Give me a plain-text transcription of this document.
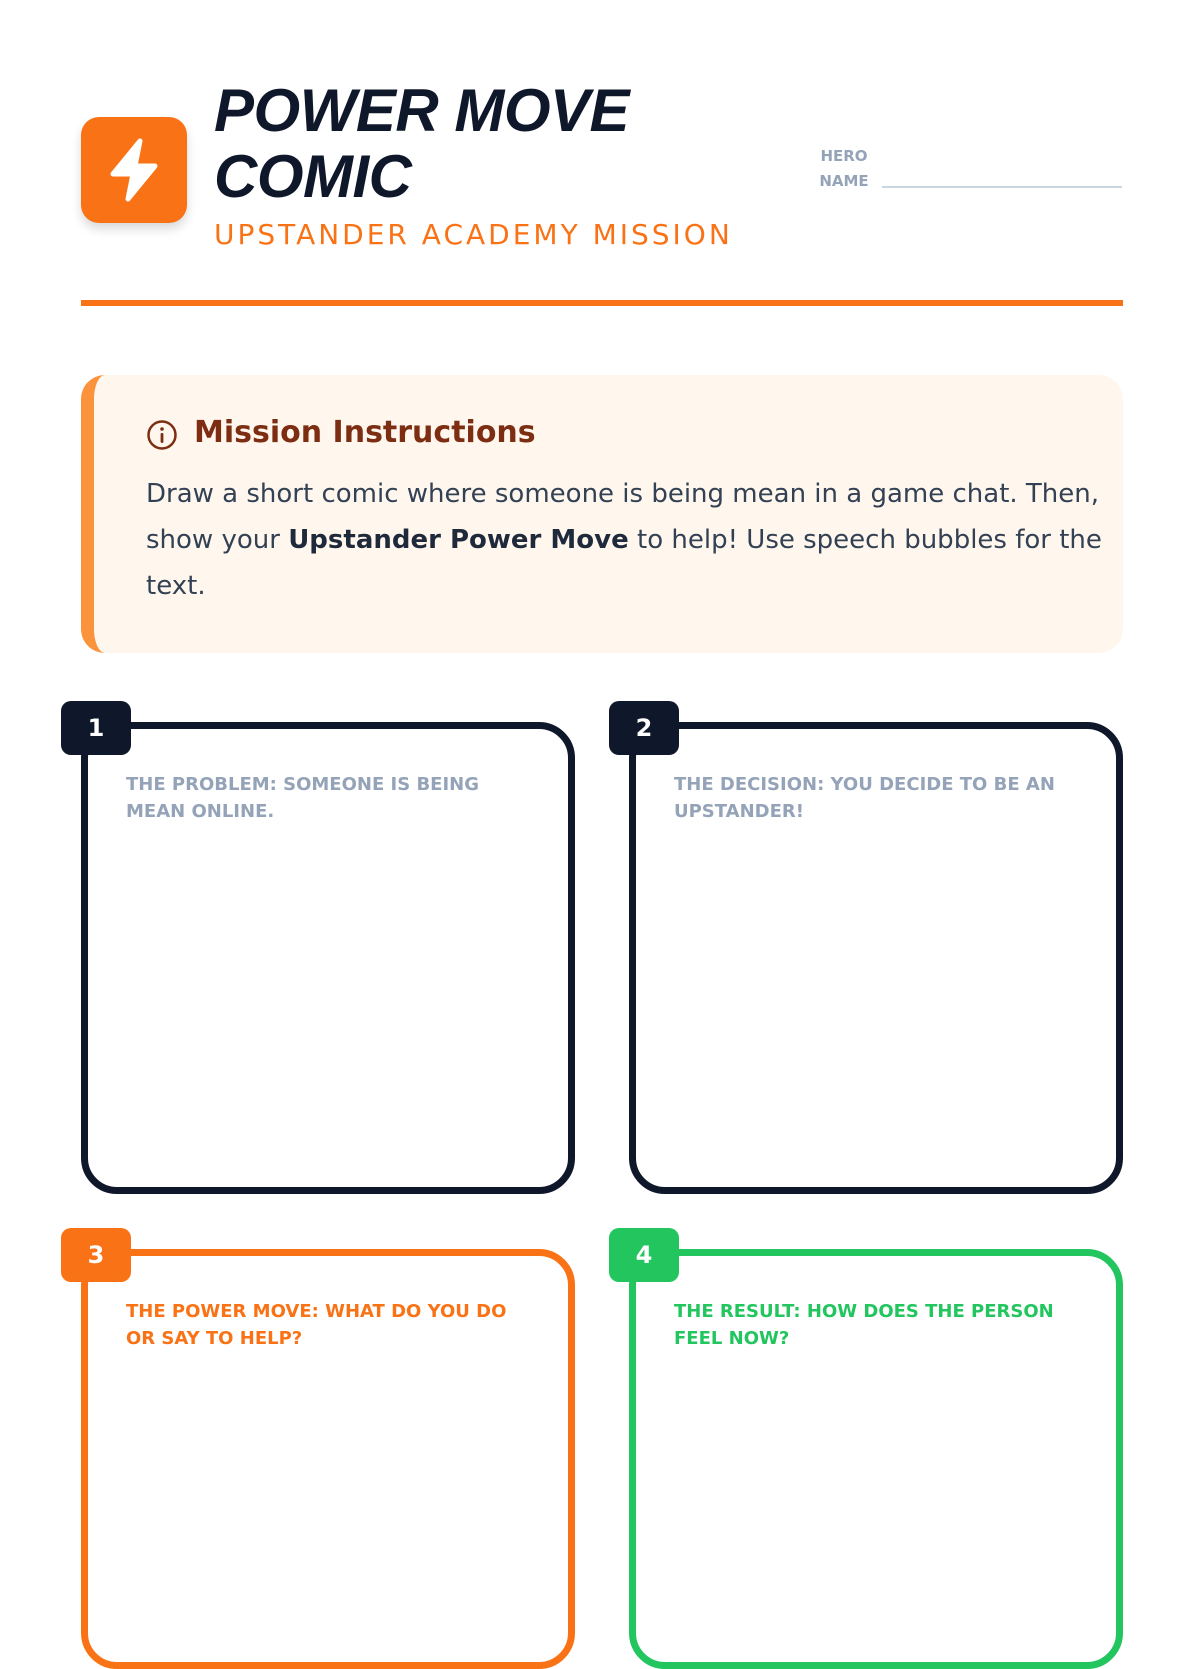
POWER MOVE COMIC
UPSTANDER ACADEMY MISSION
HERO NAME
Mission Instructions

Draw a short comic where someone is being mean in a game chat. Then, show your Upstander Power Move to help! Use speech bubbles for the text.

THE PROBLEM: SOMEONE IS BEING MEAN ONLINE.

1

THE DECISION: YOU DECIDE TO BE AN UPSTANDER!

2

THE POWER MOVE: WHAT DO YOU DO OR SAY TO HELP?

3

THE RESULT: HOW DOES THE PERSON FEEL NOW?

4
